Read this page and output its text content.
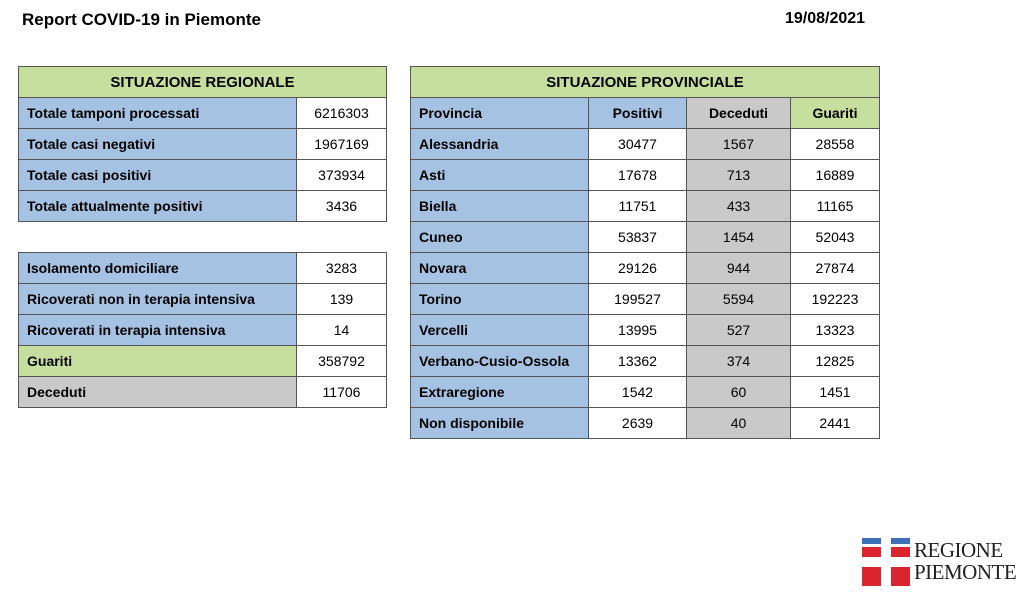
Report COVID-19 in Piemonte	19/08/2021
SITUAZIONE REGIONALE	
Totale tamponi processati	6216303
Totale casi negativi	1967169
Totale casi positivi	373934
Totale attualmente positivi	3436
Isolamento domiciliare	3283
Ricoverati non in terapia intensiva	139
Ricoverati in terapia intensiva	14
Guariti	358792
Deceduti	11706
SITUAZIONE PROVINCIALE			
Provincia	Positivi	Deceduti	Guariti
Alessandria	30477	1567	28558
Asti	17678	713	16889
Biella	11751	433	11165
Cuneo	53837	1454	52043
Novara	29126	944	27874
Torino	199527	5594	192223
Vercelli	13995	527	13323
Verbano-Cusio-Ossola	13362	374	12825
Extraregione	1542	60	1451
Non disponibile	2639	40	2441
REGIONE
PIEMONTE
